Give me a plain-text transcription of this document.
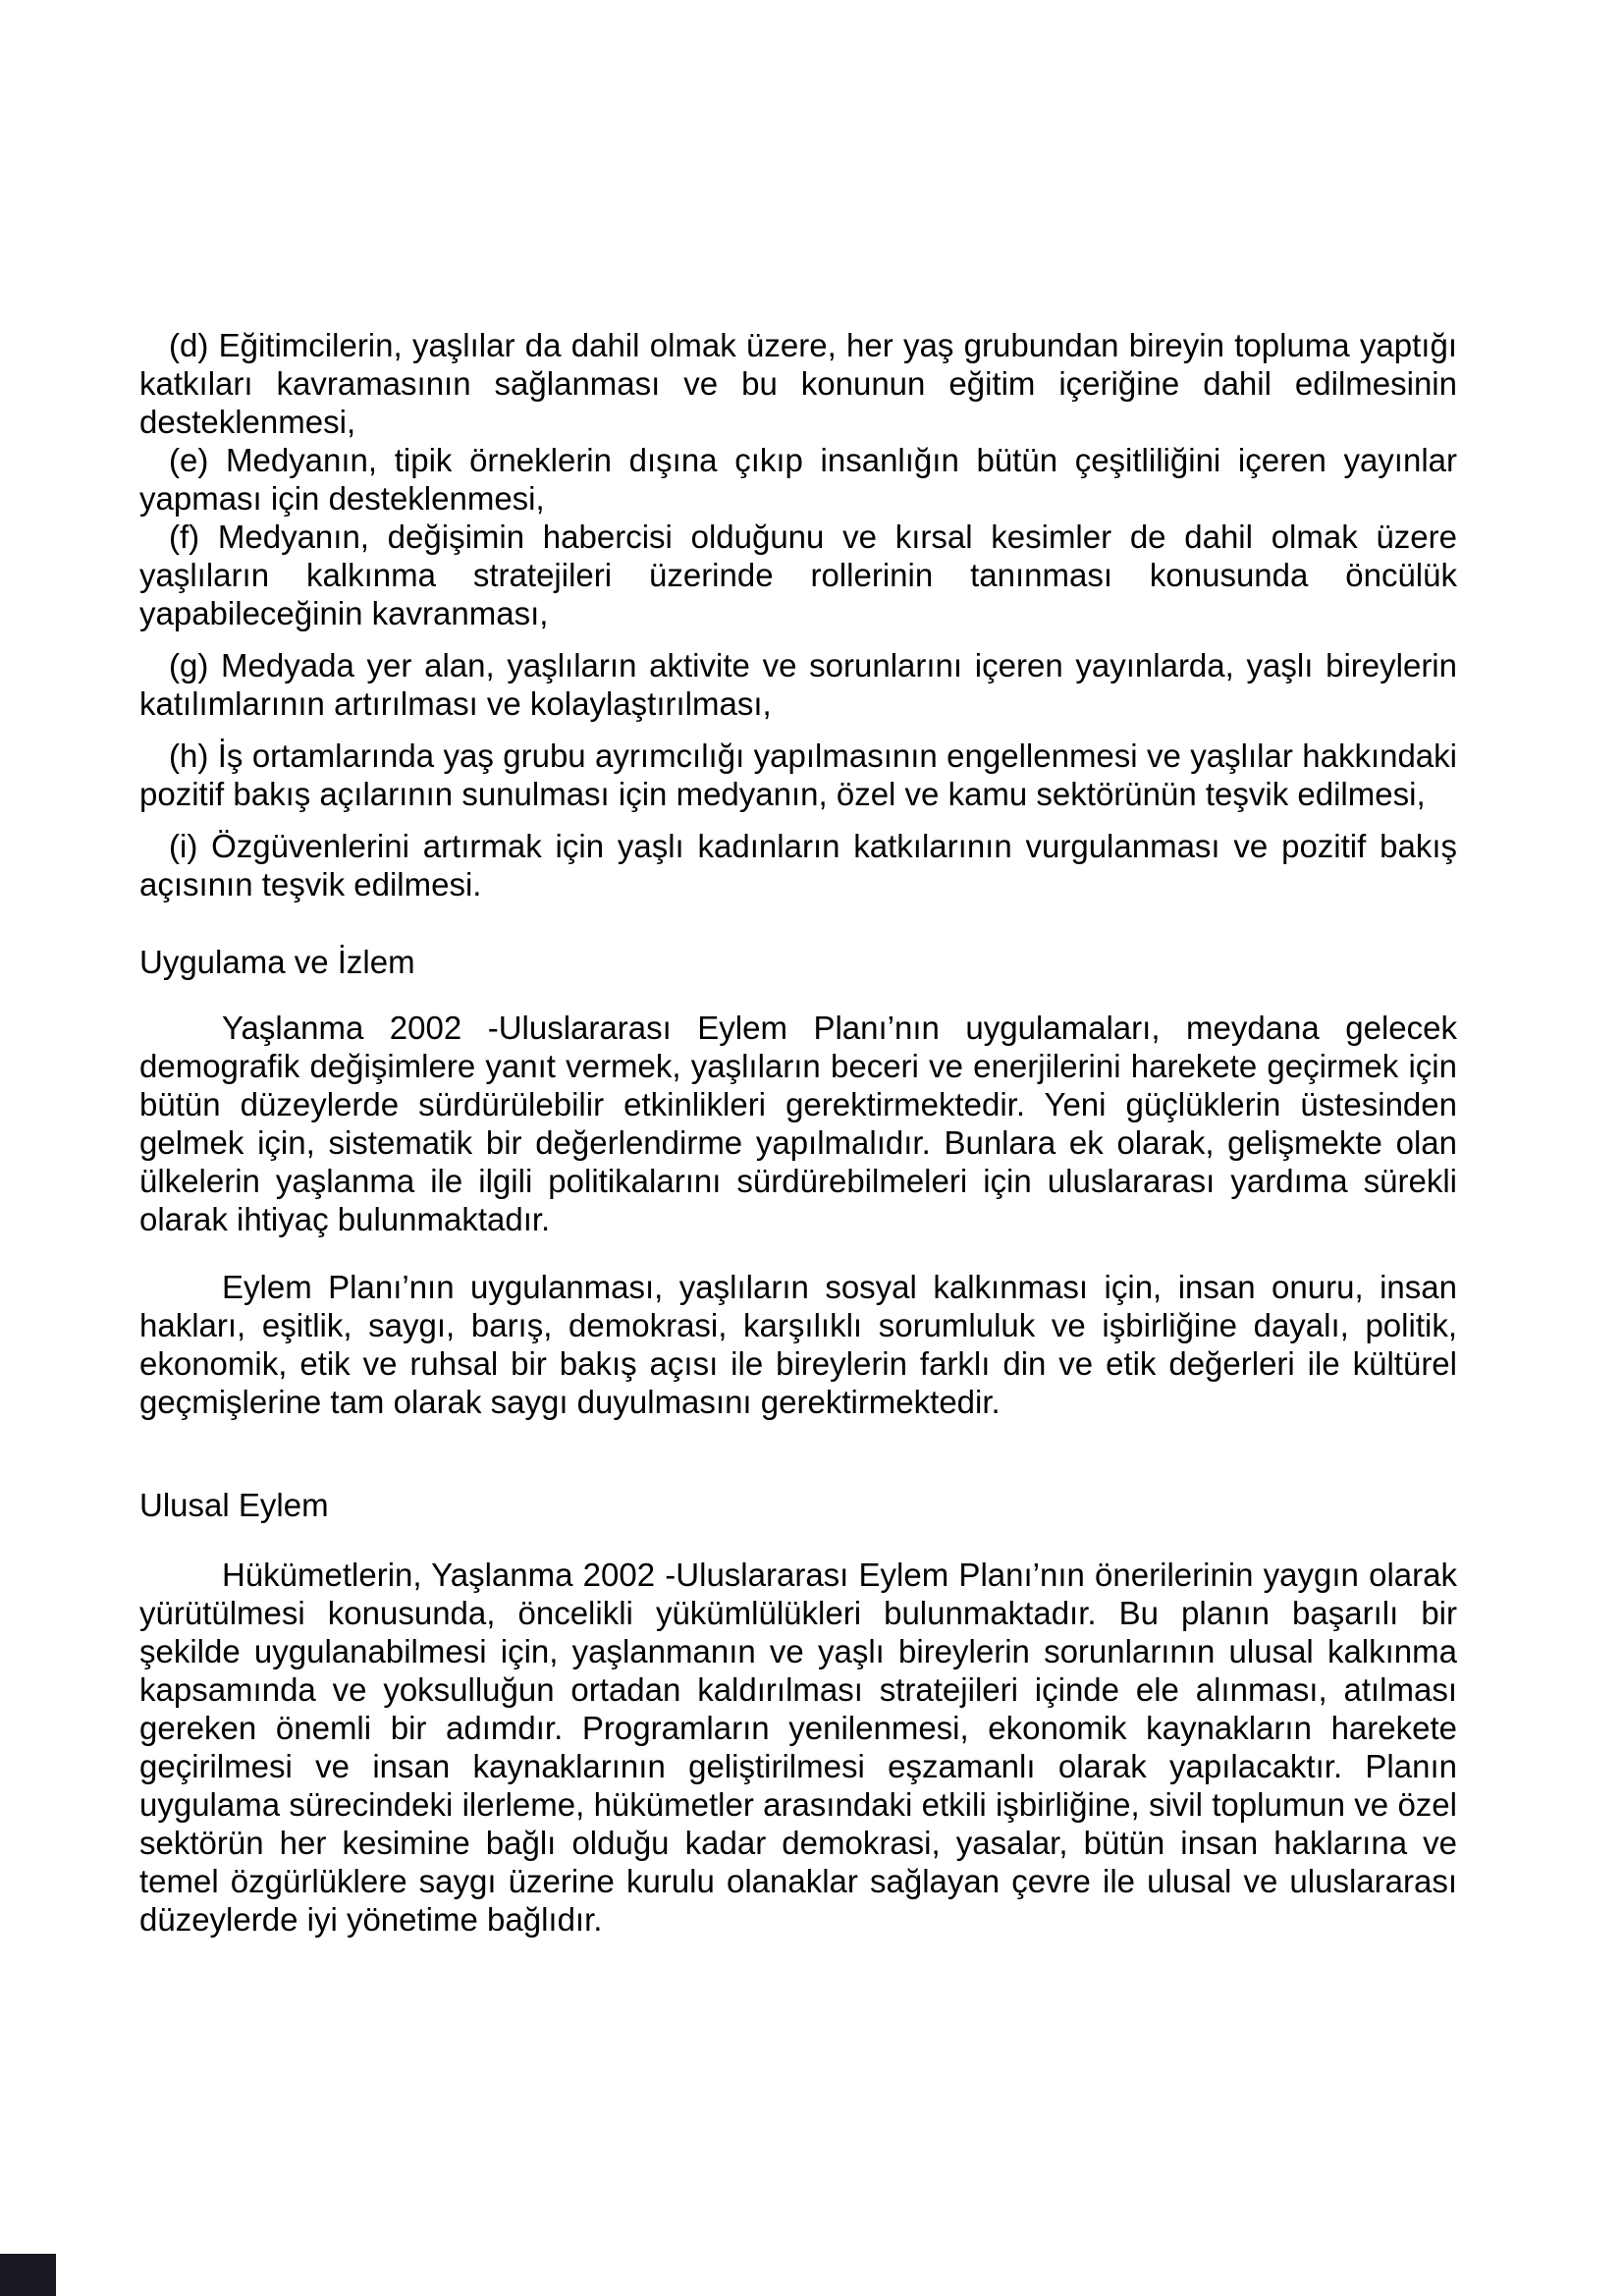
(d) Eğitimcilerin, yaşlılar da dahil olmak üzere, her yaş grubundan bireyin topluma yaptığı katkıları kavramasının sağlanması ve bu konunun eğitim içeriğine dahil edilmesinin desteklenmesi,

(e) Medyanın, tipik örneklerin dışına çıkıp insanlığın bütün çeşitliliğini içeren yayınlar yapması için desteklenmesi,

(f) Medyanın, değişimin habercisi olduğunu ve kırsal kesimler de dahil olmak üzere yaşlıların kalkınma stratejileri üzerinde rollerinin tanınması konusunda öncülük yapabileceğinin kavranması,

(g) Medyada yer alan, yaşlıların aktivite ve sorunlarını içeren yayınlarda, yaşlı bireylerin katılımlarının artırılması ve kolaylaştırılması,

(h) İş ortamlarında yaş grubu ayrımcılığı yapılmasının engellenmesi ve yaşlılar hakkındaki pozitif bakış açılarının sunulması için medyanın, özel ve kamu sektörünün teşvik edilmesi,

(i) Özgüvenlerini artırmak için yaşlı kadınların katkılarının vurgulanması ve pozitif bakış açısının teşvik edilmesi.

Uygulama ve İzlem

Yaşlanma 2002 -Uluslararası Eylem Planı’nın uygulamaları, meydana gelecek demografik değişimlere yanıt vermek, yaşlıların beceri ve enerjilerini harekete geçirmek için bütün düzeylerde sürdürülebilir etkinlikleri gerektirmektedir. Yeni güçlüklerin üstesinden gelmek için, sistematik bir değerlendirme yapılmalıdır. Bunlara ek olarak, gelişmekte olan ülkelerin yaşlanma ile ilgili politikalarını sürdürebilmeleri için uluslararası yardıma sürekli olarak ihtiyaç bulunmaktadır.

Eylem Planı’nın uygulanması, yaşlıların sosyal kalkınması için, insan onuru, insan hakları, eşitlik, saygı, barış, demokrasi, karşılıklı sorumluluk ve işbirliğine dayalı, politik, ekonomik, etik ve ruhsal bir bakış açısı ile bireylerin farklı din ve etik değerleri ile kültürel geçmişlerine tam olarak saygı duyulmasını gerektirmektedir.

Ulusal Eylem

Hükümetlerin, Yaşlanma 2002 -Uluslararası Eylem Planı’nın önerilerinin yaygın olarak yürütülmesi konusunda, öncelikli yükümlülükleri bulunmaktadır. Bu planın başarılı bir şekilde uygulanabilmesi için, yaşlanmanın ve yaşlı bireylerin sorunlarının ulusal kalkınma kapsamında ve yoksulluğun ortadan kaldırılması stratejileri içinde ele alınması, atılması gereken önemli bir adımdır. Programların yenilenmesi, ekonomik kaynakların harekete geçirilmesi ve insan kaynaklarının geliştirilmesi eşzamanlı olarak yapılacaktır. Planın uygulama sürecindeki ilerleme, hükümetler arasındaki etkili işbirliğine, sivil toplumun ve özel sektörün her kesimine bağlı olduğu kadar demokrasi, yasalar, bütün insan haklarına ve temel özgürlüklere saygı üzerine kurulu olanaklar sağlayan çevre ile ulusal ve uluslararası düzeylerde iyi yönetime bağlıdır.
